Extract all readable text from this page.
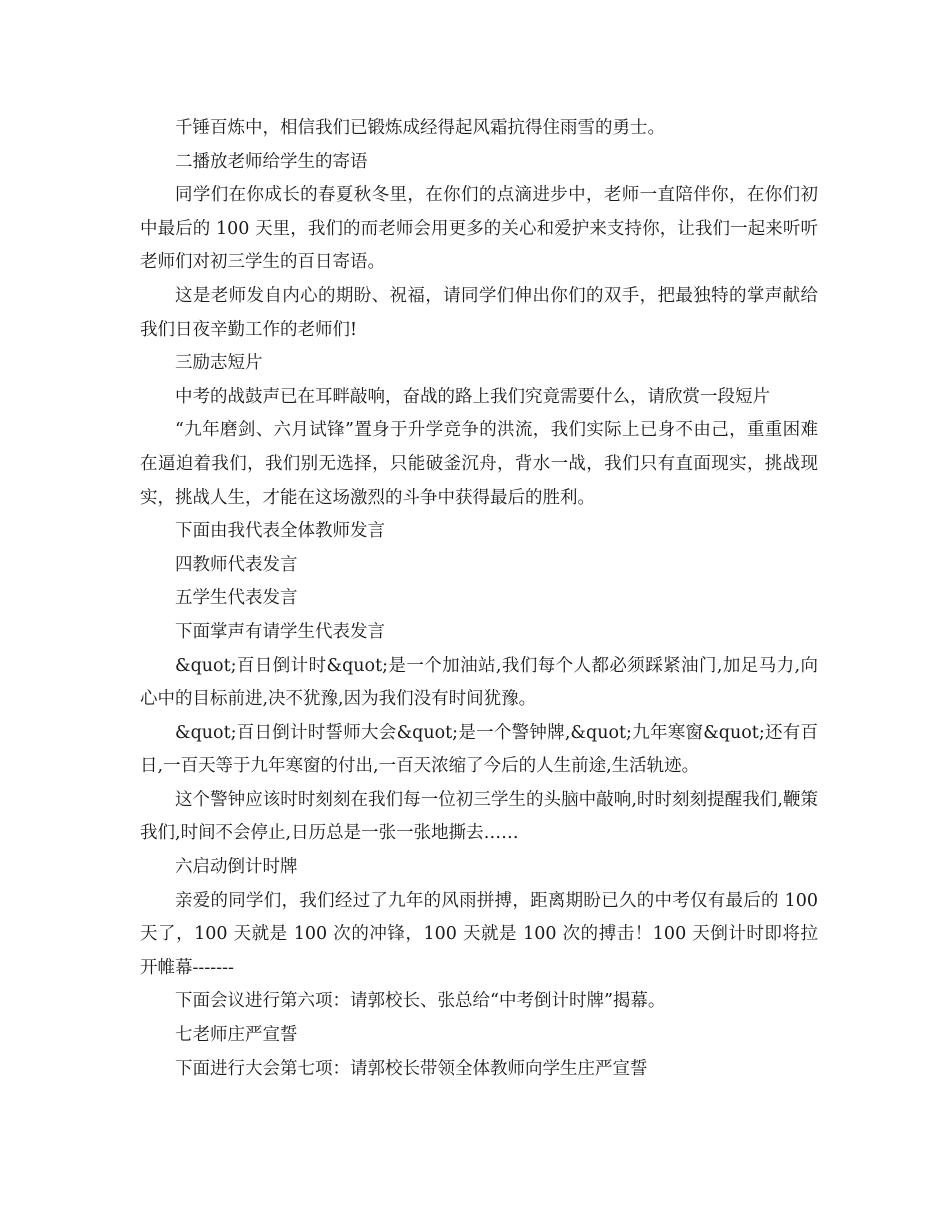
千锤百炼中，相信我们已锻炼成经得起风霜抗得住雨雪的勇士。

二播放老师给学生的寄语

同学们在你成长的春夏秋冬里，在你们的点滴进步中，老师一直陪伴你，在你们初中最后的 100 天里，我们的而老师会用更多的关心和爱护来支持你，让我们一起来听听老师们对初三学生的百日寄语。

这是老师发自内心的期盼、祝福，请同学们伸出你们的双手，把最独特的掌声献给我们日夜辛勤工作的老师们!

三励志短片

中考的战鼓声已在耳畔敲响，奋战的路上我们究竟需要什么，请欣赏一段短片

“九年磨剑、六月试锋”置身于升学竞争的洪流，我们实际上已身不由己，重重困难在逼迫着我们，我们别无选择，只能破釜沉舟，背水一战，我们只有直面现实，挑战现实，挑战人生，才能在这场激烈的斗争中获得最后的胜利。

下面由我代表全体教师发言

四教师代表发言

五学生代表发言

下面掌声有请学生代表发言

&quot;百日倒计时&quot;是一个加油站,我们每个人都必须踩紧油门,加足马力,向心中的目标前进,决不犹豫,因为我们没有时间犹豫。

&quot;百日倒计时誓师大会&quot;是一个警钟牌,&quot;九年寒窗&quot;还有百日,一百天等于九年寒窗的付出,一百天浓缩了今后的人生前途,生活轨迹。

这个警钟应该时时刻刻在我们每一位初三学生的头脑中敲响,时时刻刻提醒我们,鞭策我们,时间不会停止,日历总是一张一张地撕去……

六启动倒计时牌

亲爱的同学们，我们经过了九年的风雨拼搏，距离期盼已久的中考仅有最后的 100 天了，100 天就是 100 次的冲锋，100 天就是 100 次的搏击！100 天倒计时即将拉开帷幕-------

下面会议进行第六项：请郭校长、张总给“中考倒计时牌”揭幕。

七老师庄严宣誓

下面进行大会第七项：请郭校长带领全体教师向学生庄严宣誓
